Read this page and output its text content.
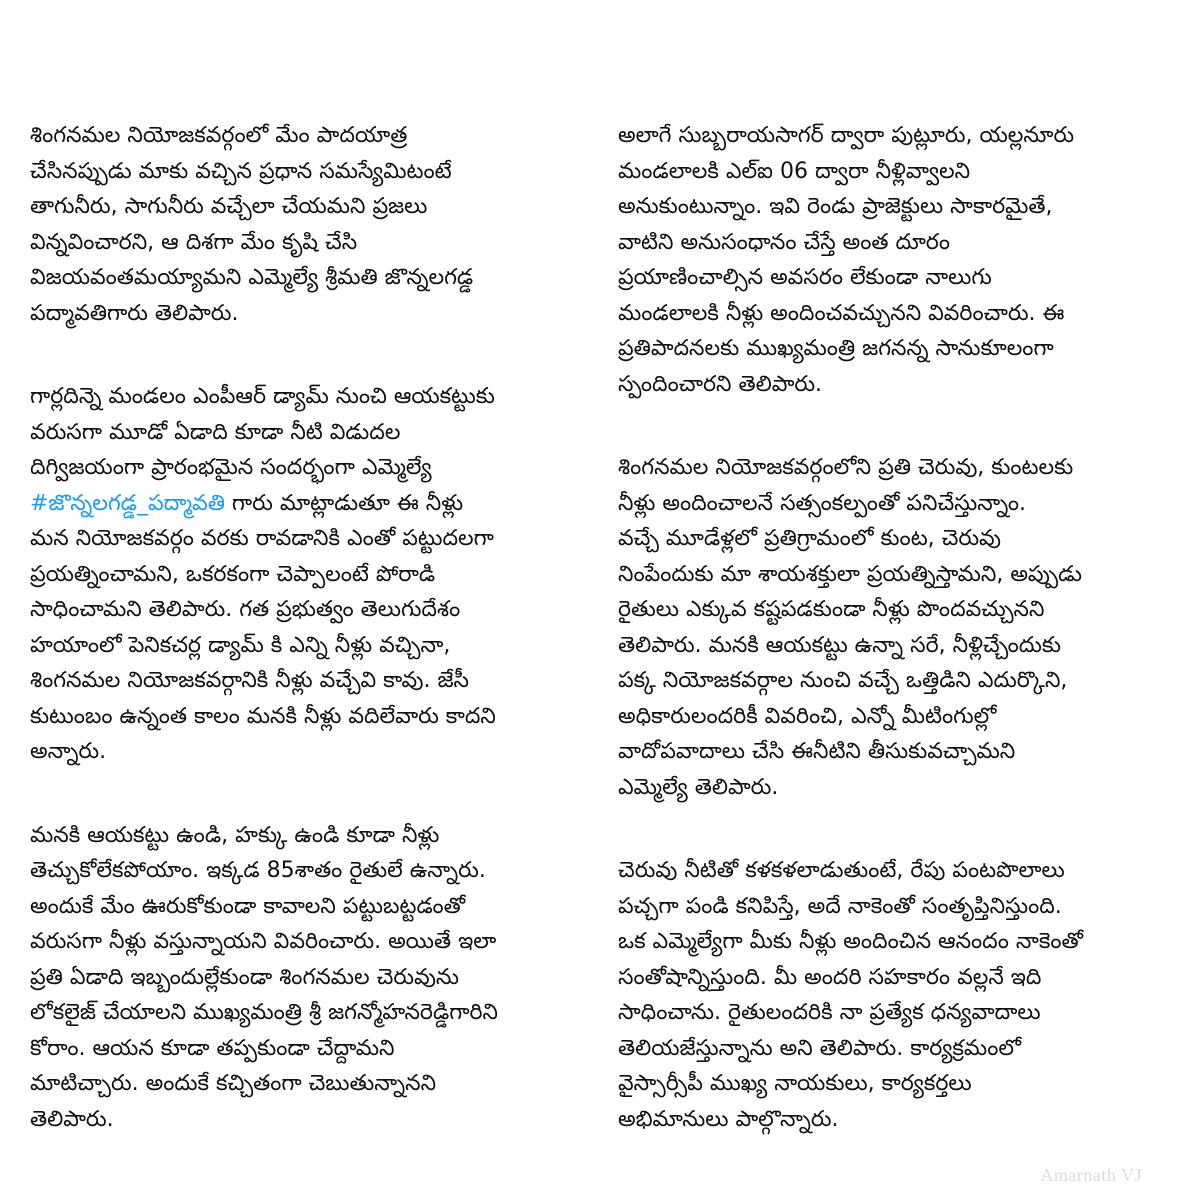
శింగనమల నియోజకవర్గంలో మేం పాదయాత్ర
చేసినప్పుడు మాకు వచ్చిన ప్రధాన సమస్యేమిటంటే
తాగునీరు, సాగునీరు వచ్చేలా చేయమని ప్రజలు
విన్నవించారని, ఆ దిశగా మేం కృషి చేసి
విజయవంతమయ్యామని ఎమ్మెల్యే శ్రీమతి జొన్నలగడ్డ
పద్మావతిగారు తెలిపారు.

గార్లదిన్నె మండలం ఎంపీఆర్ డ్యామ్ నుంచి ఆయకట్టుకు
వరుసగా మూడో ఏడాది కూడా నీటి విడుదల
దిగ్విజయంగా ప్రారంభమైన సందర్భంగా ఎమ్మెల్యే
#జొన్నలగడ్డ_పద్మావతి గారు మాట్లాడుతూ ఈ నీళ్లు
మన నియోజకవర్గం వరకు రావడానికి ఎంతో పట్టుదలగా
ప్రయత్నించామని, ఒకరకంగా చెప్పాలంటే పోరాడి
సాధించామని తెలిపారు. గత ప్రభుత్వం తెలుగుదేశం
హయాంలో పెనికచర్ల డ్యామ్ కి ఎన్ని నీళ్లు వచ్చినా,
శింగనమల నియోజకవర్గానికి నీళ్లు వచ్చేవి కావు. జేసీ
కుటుంబం ఉన్నంత కాలం మనకి నీళ్లు వదిలేవారు కాదని
అన్నారు.

మనకి ఆయకట్టు ఉండి, హక్కు ఉండి కూడా నీళ్లు
తెచ్చుకోలేకపోయాం. ఇక్కడ 85శాతం రైతులే ఉన్నారు.
అందుకే మేం ఊరుకోకుండా కావాలని పట్టుబట్టడంతో
వరుసగా నీళ్లు వస్తున్నాయని వివరించారు. అయితే ఇలా
ప్రతి ఏడాది ఇబ్బందుల్లేకుండా శింగనమల చెరువును
లోకలైజ్ చేయాలని ముఖ్యమంత్రి శ్రీ జగన్మోహనరెడ్డిగారిని
కోరాం. ఆయన కూడా తప్పకుండా చేద్దామని
మాటిచ్చారు. అందుకే కచ్చితంగా చెబుతున్నానని
తెలిపారు.

అలాగే సుబ్బరాయసాగర్ ద్వారా పుట్లూరు, యల్లనూరు
మండలాలకి ఎల్ఐ 06 ద్వారా నీళ్లివ్వాలని
అనుకుంటున్నాం. ఇవి రెండు ప్రాజెక్టులు సాకారమైతే,
వాటిని అనుసంధానం చేస్తే అంత దూరం
ప్రయాణించాల్సిన అవసరం లేకుండా నాలుగు
మండలాలకి నీళ్లు అందించవచ్చునని వివరించారు. ఈ
ప్రతిపాదనలకు ముఖ్యమంత్రి జగనన్న సానుకూలంగా
స్పందించారని తెలిపారు.

శింగనమల నియోజకవర్గంలోని ప్రతి చెరువు, కుంటలకు
నీళ్లు అందించాలనే సత్సంకల్పంతో పనిచేస్తున్నాం.
వచ్చే మూడేళ్లలో ప్రతిగ్రామంలో కుంట, చెరువు
నింపేందుకు మా శాయశక్తులా ప్రయత్నిస్తామని, అప్పుడు
రైతులు ఎక్కువ కష్టపడకుండా నీళ్లు పొందవచ్చునని
తెలిపారు. మనకి ఆయకట్టు ఉన్నా సరే, నీళ్లిచ్చేందుకు
పక్క నియోజకవర్గాల నుంచి వచ్చే ఒత్తిడిని ఎదుర్కొని,
అధికారులందరికీ వివరించి, ఎన్నో మీటింగుల్లో
వాదోపవాదాలు చేసి ఈనీటిని తీసుకువచ్చామని
ఎమ్మెల్యే తెలిపారు.

చెరువు నీటితో కళకళలాడుతుంటే, రేపు పంటపొలాలు
పచ్చగా పండి కనిపిస్తే, అదే నాకెంతో సంతృప్తినిస్తుంది.
ఒక ఎమ్మెల్యేగా మీకు నీళ్లు అందించిన ఆనందం నాకెంతో
సంతోషాన్నిస్తుంది. మీ అందరి సహకారం వల్లనే ఇది
సాధించాను. రైతులందరికి నా ప్రత్యేక ధన్యవాదాలు
తెలియజేస్తున్నాను అని తెలిపారు. కార్యక్రమంలో
వైస్సార్సీపీ ముఖ్య నాయకులు, కార్యకర్తలు
అభిమానులు పాల్గొన్నారు.

Amarnath VJ
